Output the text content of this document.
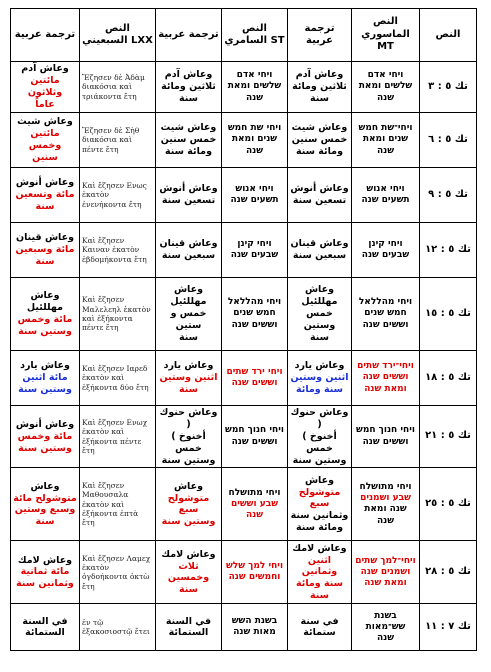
ترجمة عربية	النص السبعيني LXX	ترجمة عربية	النص السامري ST	ترجمة عربية	النص الماسوري MT	النص

وعاش آدم
مائتين وثلاثون
عاماً	Ἔζησεν δὲ Ἀδὰμ διακόσια καὶ τριάκοντα ἔτη	وعاش آدم
ثلاثين ومائة
سنة	ויחי אדם
שלשים ומאת
שנה	وعاش آدم
ثلاثين ومائة
سنة	ויחי אדם
שלשים ומאת שנה	تك ٥ : ٣

وعاش شيث
مائتين وخمس
سنين	Ἔζησεν δὲ Σὴθ διακόσια καὶ πέντε ἔτη	وعاش شيث
خمس سنين
ومائة سنة	ויחי שת חמש
שנים ומאת שנה	وعاش شيث
خمس سنين
ومائة سنة	ויחי־שת חמש
שנים ומאת שנה	تك ٥ : ٦

وعاش أنوش
مائة وتسعين
سنة	Καὶ ἔζησεν Ενως ἑκατὸν ἐνενήκοντα ἔτη	وعاش أنوش
تسعين سنة	ויחי אנוש
תשעים שנה	وعاش أنوش
تسعين سنة	ויחי אנוש
תשעים שנה	تك ٥ : ٩

وعاش قينان
مائة وسبعين
سنة	Καὶ ἔζησεν Καιναν ἑκατὸν ἑβδομήκοντα ἔτη	وعاش قينان
سبعين سنة	ויחי קינן
שבעים שנה	وعاش قينان
سبعين سنة	ויחי קינן
שבעים שנה	تك ٥ : ١٢

وعاش مهللئيل
مائة وخمس
وستين سنة	Καὶ ἔζησεν Μαλελεηλ ἑκατὸν καὶ ἑξήκοντα πέντε ἔτη	وعاش مهللئيل
خمس و ستين
سنة	ויחי מהללאל
חמש שנים
וששים שנה	وعاش مهللئيل
خمس وستين
سنة	ויחי מהללאל
חמש שנים
וששים שנה	تك ٥ : ١٥

وعاش يارد
مائة اثنين
وستين سنة	Καὶ ἔζησεν Ιαρεδ ἑκατὸν καὶ ἑξήκοντα δύο ἔτη	وعاش يارد
اثنين وستين
سنة	ויחי ירד שתים
וששים שנה	وعاش يارد
اثنين وستين
سنة ومائة	ויחי־ירד שתים
וששים שנה
ומאת שנה	تك ٥ : ١٨

وعاش أنوش
مائة وخمس
وستين سنة	Καὶ ἔζησεν Ενωχ ἑκατὸν καὶ ἑξήκοντα πέντε ἔτη	وعاش حنوك (
أخنوخ ) خمس
وستين سنة	ויחי חנוך חמש
וששים שנה	وعاش حنوك (
أخنوخ ) خمس
وستين سنة	ויחי חנוך חמש
וששים שנה	تك ٥ : ٢١

وعاش
متوشولح مائة
وسبع وستين
سنة	Καὶ ἔζησεν Μαθουσαλα ἑκατὸν καὶ ἑξήκοντα ἑπτὰ ἔτη	وعاش
متوشولح سبع
وستين سنة	ויחי מתושלח
שבע וששים
שנה	وعاش
متوشولح سبع
وثمانين سنة
ومائة سنة	ויחי מתושלח
שבע ושמנים
שנה ומאת
שנה	تك ٥ : ٢٥

وعاش لامك
مائة ثمانية
وثمانين سنة	Καὶ ἔζησεν Λαμεχ ἑκατὸν ὀγδοήκοντα ὀκτὼ ἔτη	وعاش لامك
ثلاث وخمسين
سنة	ויחי למך שלש
וחמשים שנה	وعاش لامك
اثنين وثمانين
سنة ومائة سنة	ויחי־למך שתים
ושמנים שנה
ומאת שנה	تك ٥ : ٢٨

في السنة
الستمائة	ἐν τῷ ἑξακοσιοστῷ ἔτει	في السنة
الستمائة	בשנת השש
מאות שנה	في سنة
ستمائة	בשנת שש־מאות
שנה	تك ٧ : ١١
